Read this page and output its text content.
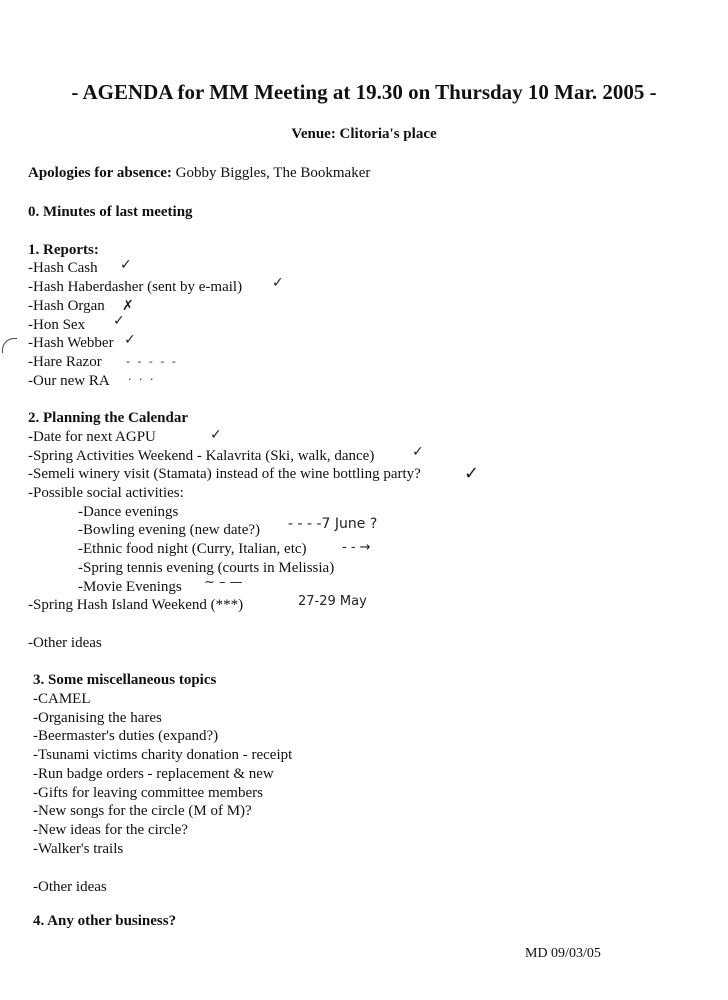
- AGENDA for MM Meeting at 19.30 on Thursday 10 Mar. 2005 -
Venue: Clitoria's place
Apologies for absence: Gobby Biggles, The Bookmaker
0. Minutes of last meeting
1. Reports:
-Hash Cash
-Hash Haberdasher (sent by e-mail)
-Hash Organ
-Hon Sex
-Hash Webber
-Hare Razor
-Our new RA
✓
✓
✗
✓
✓
- - - - -
· · ·
2. Planning the Calendar
-Date for next AGPU
-Spring Activities Weekend - Kalavrita (Ski, walk, dance)
-Semeli winery visit (Stamata) instead of the wine bottling party?
-Possible social activities:
-Dance evenings
-Bowling evening (new date?)
-Ethnic food night (Curry, Italian, etc)
-Spring tennis evening (courts in Melissia)
-Movie Evenings
-Spring Hash Island Weekend (***)
-Other ideas
✓
✓
✓
- - - -7 June ?
- - →
~ – —
27-29 May
3. Some miscellaneous topics
-CAMEL
-Organising the hares
-Beermaster's duties (expand?)
-Tsunami victims charity donation - receipt
-Run badge orders - replacement & new
-Gifts for leaving committee members
-New songs for the circle (M of M)?
-New ideas for the circle?
-Walker's trails
-Other ideas
4. Any other business?
MD 09/03/05
